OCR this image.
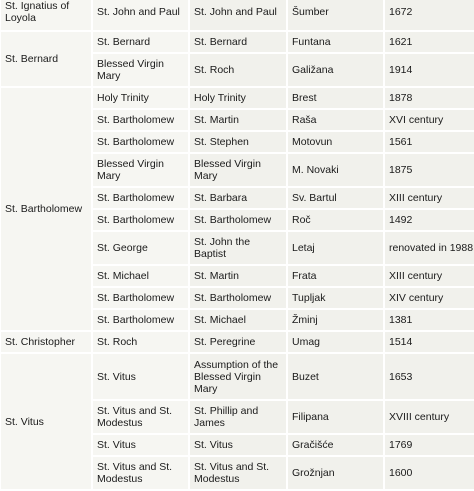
St. Ignatius of Loyola	St. John and Paul	St. John and Paul	Šumber	1672
St. Bernard	St. Bernard	St. Bernard	Funtana	1621
	Blessed Virgin Mary	St. Roch	Galižana	1914
St. Bartholomew	Holy Trinity	Holy Trinity	Brest	1878
	St. Bartholomew	St. Martin	Raša	XVI century
	St. Bartholomew	St. Stephen	Motovun	1561
	Blessed Virgin Mary	Blessed Virgin Mary	M. Novaki	1875
	St. Bartholomew	St. Barbara	Sv. Bartul	XIII century
	St. Bartholomew	St. Bartholomew	Roč	1492
	St. George	St. John the Baptist	Letaj	renovated in 1988
	St. Michael	St. Martin	Frata	XIII century
	St. Bartholomew	St. Bartholomew	Tupljak	XIV century
	St. Bartholomew	St. Michael	Žminj	1381
St. Christopher	St. Roch	St. Peregrine	Umag	1514
St. Vitus	St. Vitus	Assumption of the Blessed Virgin Mary	Buzet	1653
	St. Vitus and St. Modestus	St. Phillip and James	Filipana	XVIII century
	St. Vitus	St. Vitus	Gračišće	1769
	St. Vitus and St. Modestus	St. Vitus and St. Modestus	Grožnjan	1600
